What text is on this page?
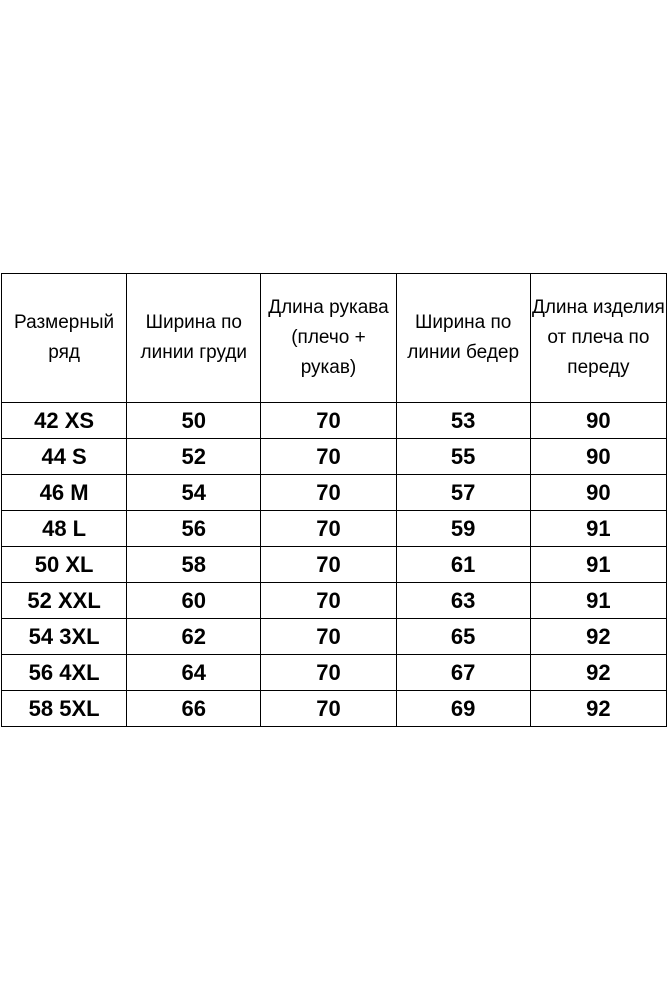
Размерный ряд	Ширина по линии груди	Длина рукава (плечо + рукав)	Ширина по линии бедер	Длина изделия от плеча по переду
42 XS	50	70	53	90
44 S	52	70	55	90
46 M	54	70	57	90
48 L	56	70	59	91
50 XL	58	70	61	91
52 XXL	60	70	63	91
54 3XL	62	70	65	92
56 4XL	64	70	67	92
58 5XL	66	70	69	92
